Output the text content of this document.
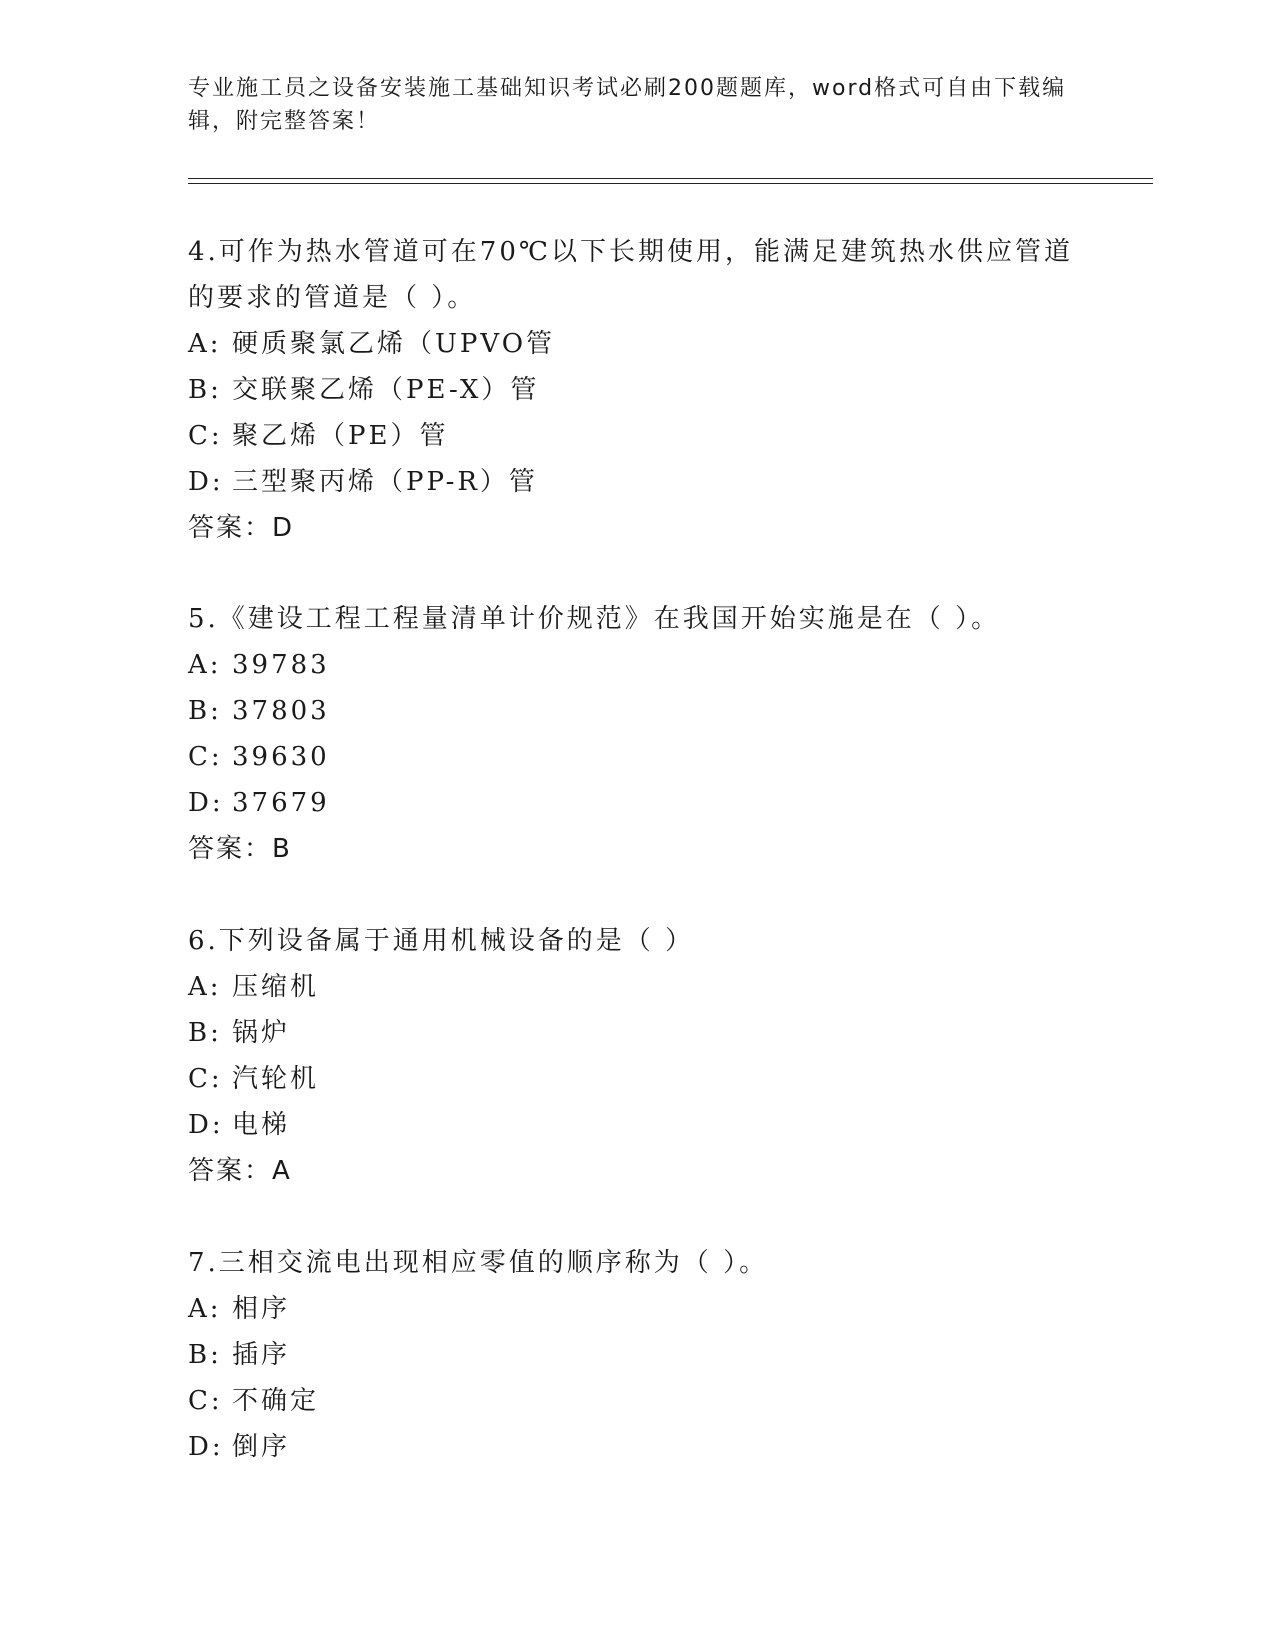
专业施工员之设备安装施工基础知识考试必刷200题题库，word格式可自由下载编辑，附完整答案！
4.可作为热水管道可在70℃以下长期使用，能满足建筑热水供应管道的要求的管道是（ ）。
A: 硬质聚氯乙烯（UPVO管
B: 交联聚乙烯（PE-X）管
C: 聚乙烯（PE）管
D: 三型聚丙烯（PP-R）管
答案：D
5.《建设工程工程量清单计价规范》在我国开始实施是在（ ）。
A: 39783
B: 37803
C: 39630
D: 37679
答案：B
6.下列设备属于通用机械设备的是（ ）
A: 压缩机
B: 锅炉
C: 汽轮机
D: 电梯
答案：A
7.三相交流电出现相应零值的顺序称为（ ）。
A: 相序
B: 插序
C: 不确定
D: 倒序
